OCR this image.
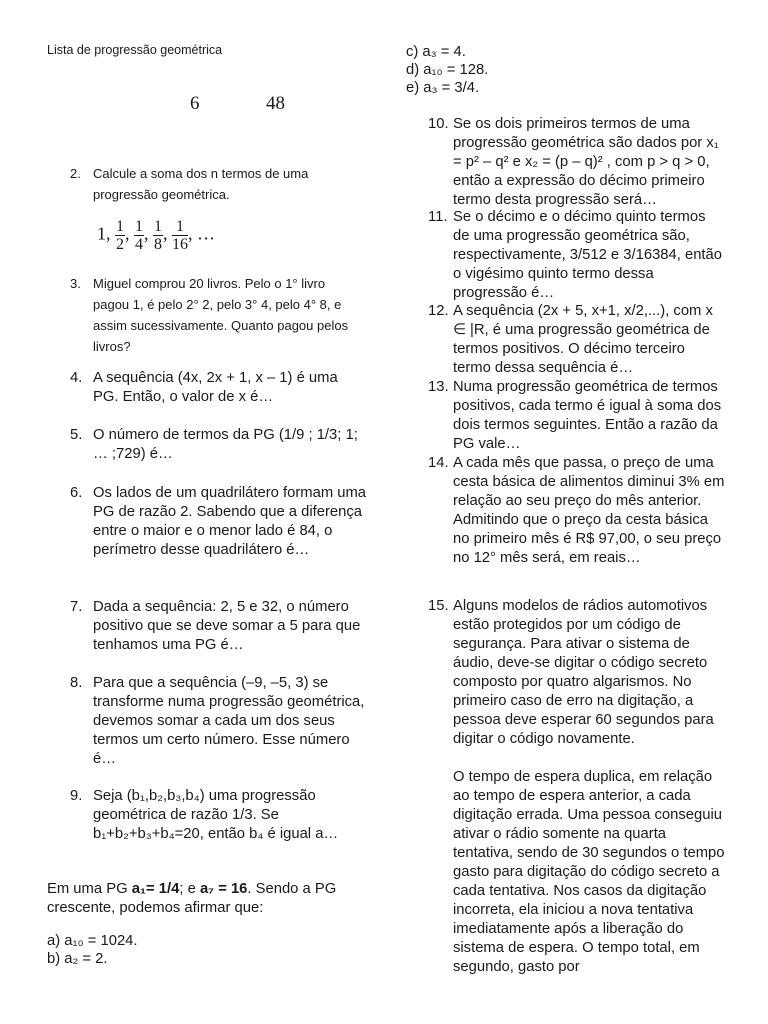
Lista de progressão geométrica
6	48
2. Calcule a soma dos n termos de uma progressão geométrica.
1, $\frac{1}{2}$ , $\frac{1}{4}$ , $\frac{1}{8}$ , $\frac{1}{16}$ , …
3. Miguel comprou 20 livros. Pelo o 1° livro pagou 1, é pelo 2° 2, pelo 3° 4, pelo 4° 8, e assim sucessivamente. Quanto pagou pelos livros?
4. A sequência (4x, 2x + 1, x – 1) é uma PG. Então, o valor de x é…
5. O número de termos da PG (1/9 ; 1/3; 1; … ;729) é…
6. Os lados de um quadrilátero formam uma PG de razão 2. Sabendo que a diferença entre o maior e o menor lado é 84, o perímetro desse quadrilátero é…
7. Dada a sequência: 2, 5 e 32, o número positivo que se deve somar a 5 para que tenhamos uma PG é…
8. Para que a sequência (–9, –5, 3) se transforme numa progressão geométrica, devemos somar a cada um dos seus termos um certo número. Esse número é…
9. Seja (b₁,b₂,b₃,b₄) uma progressão geométrica de razão 1/3. Se
b₁+b₂+b₃+b₄=20, então b₄ é igual a…
Em uma PG a₁= 1/4; e a₇ = 16. Sendo a PG crescente, podemos afirmar que:
a) a₁₀ = 1024.
b) a₂ = 2.
c) a₃ = 4.
d) a₁₀ = 128.
e) a₃ = 3/4.
10. Se os dois primeiros termos de uma progressão geométrica são dados por x₁ = p² – q² e x₂ = (p – q)² , com p > q > 0, então a expressão do décimo primeiro termo desta progressão será…
11. Se o décimo e o décimo quinto termos de uma progressão geométrica são, respectivamente, 3/512 e 3/16384, então o vigésimo quinto termo dessa progressão é…
12. A sequência (2x + 5, x+1, x/2,...), com x ∈ |R, é uma progressão geométrica de termos positivos. O décimo terceiro termo dessa sequência é…
13. Numa progressão geométrica de termos positivos, cada termo é igual à soma dos dois termos seguintes. Então a razão da PG vale…
14. A cada mês que passa, o preço de uma cesta básica de alimentos diminui 3% em relação ao seu preço do mês anterior. Admitindo que o preço da cesta básica no primeiro mês é R$ 97,00, o seu preço no 12° mês será, em reais…
15. Alguns modelos de rádios automotivos estão protegidos por um código de segurança. Para ativar o sistema de áudio, deve-se digitar o código secreto composto por quatro algarismos. No primeiro caso de erro na digitação, a pessoa deve esperar 60 segundos para digitar o código novamente.
O tempo de espera duplica, em relação ao tempo de espera anterior, a cada digitação errada. Uma pessoa conseguiu ativar o rádio somente na quarta tentativa, sendo de 30 segundos o tempo gasto para digitação do código secreto a cada tentativa. Nos casos da digitação incorreta, ela iniciou a nova tentativa imediatamente após a liberação do sistema de espera. O tempo total, em segundo, gasto por
